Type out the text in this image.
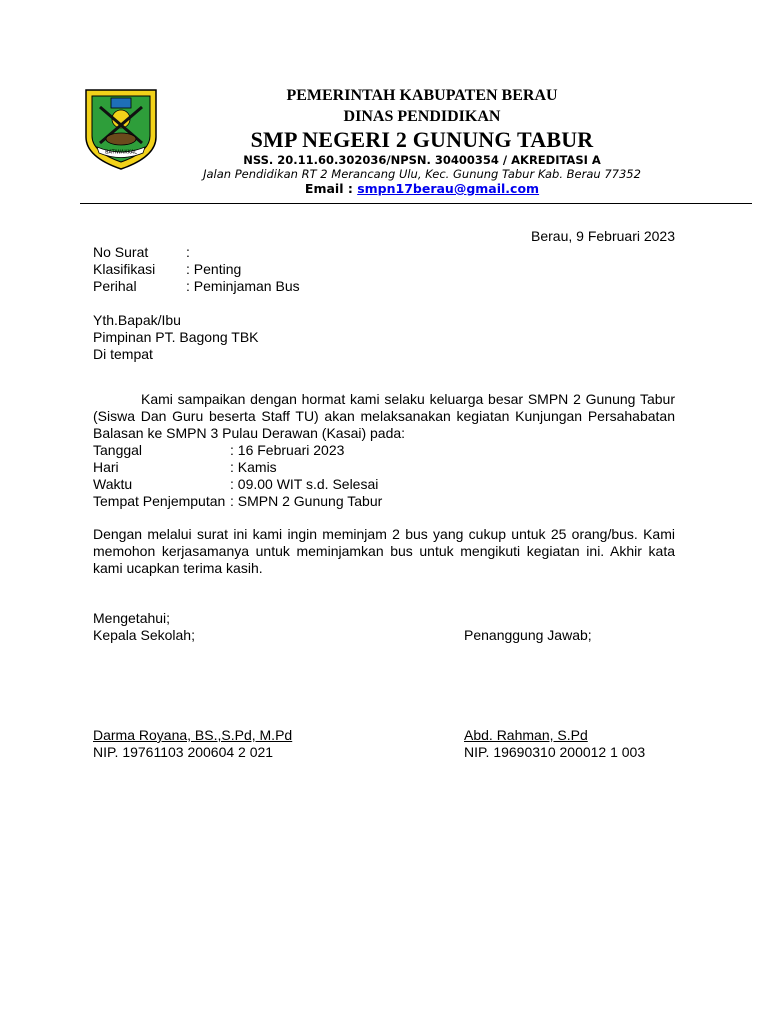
BATIWAKKAL
PEMERINTAH KABUPATEN BERAU
DINAS PENDIDIKAN
SMP NEGERI 2 GUNUNG TABUR
NSS. 20.11.60.302036/NPSN. 30400354 / AKREDITASI A
Jalan Pendidikan RT 2 Merancang Ulu, Kec. Gunung Tabur Kab. Berau 77352
Email : smpn17berau@gmail.com
Berau, 9 Februari 2023
No Surat	:
Klasifikasi : Penting
Perihal	: Peminjaman Bus
Yth.Bapak/Ibu
Pimpinan PT. Bagong TBK
Di tempat
Kami sampaikan dengan hormat kami selaku keluarga besar SMPN 2 Gunung Tabur (Siswa Dan Guru beserta Staff TU) akan melaksanakan kegiatan Kunjungan Persahabatan Balasan ke SMPN 3 Pulau Derawan (Kasai) pada:
Tanggal	: 16 Februari 2023
Hari	: Kamis
Waktu	: 09.00 WIT s.d. Selesai
Tempat Penjemputan : SMPN 2 Gunung Tabur
Dengan melalui surat ini kami ingin meminjam 2 bus yang cukup untuk 25 orang/bus. Kami memohon kerjasamanya untuk meminjamkan bus untuk mengikuti kegiatan ini. Akhir kata kami ucapkan terima kasih.
Mengetahui;
Kepala Sekolah;	Penanggung Jawab;
Darma Royana, BS.,S.Pd, M.Pd
NIP. 19761103 200604 2 021
Abd. Rahman, S.Pd
NIP. 19690310 200012 1 003
